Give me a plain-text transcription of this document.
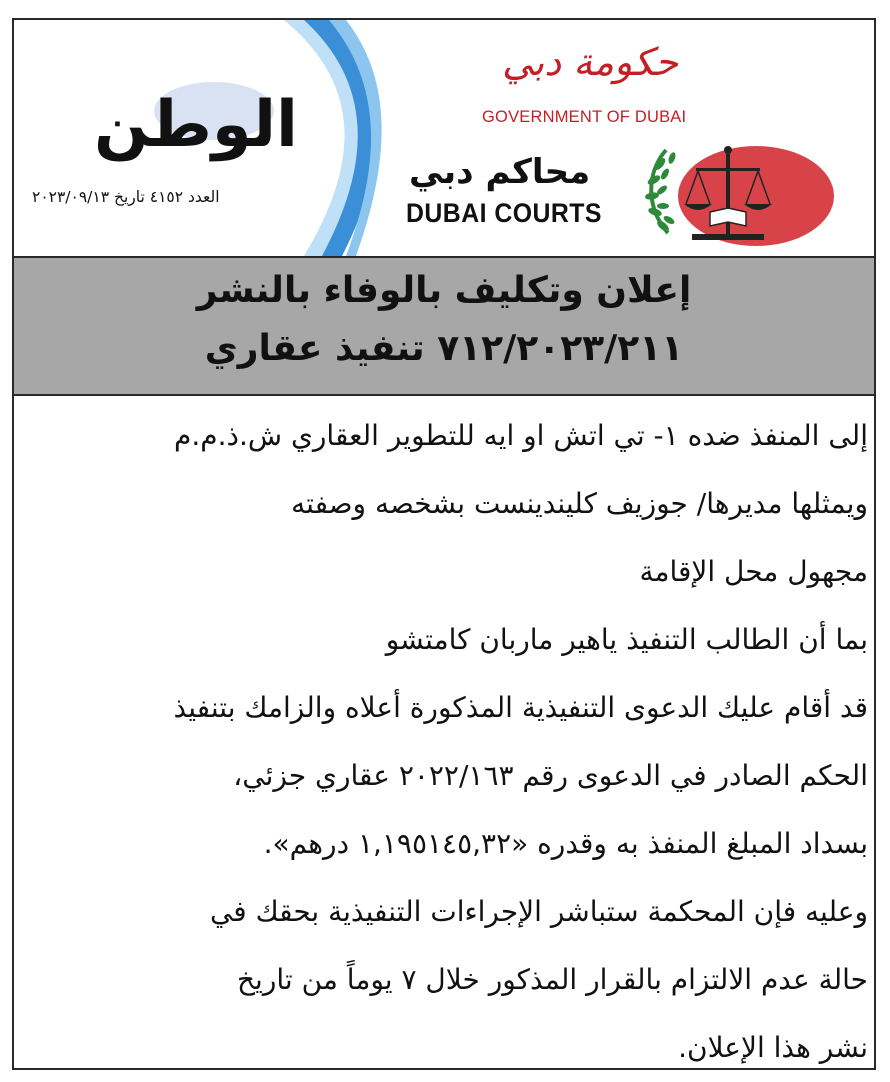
الوطن
العدد ٤١٥٢ تاريخ ٢٠٢٣/٠٩/١٣
حكومة دبي
GOVERNMENT OF DUBAI
محاكم دبي
DUBAI COURTS
إعلان وتكليف بالوفاء بالنشر
٧١٢/٢٠٢٣/٢١١ تنفيذ عقاري
إلى المنفذ ضده ١- تي اتش او ايه للتطوير العقاري ش.ذ.م.م
ويمثلها مديرها/ جوزيف كليندينست بشخصه وصفته
مجهول محل الإقامة
بما أن الطالب التنفيذ ياهير ماربان كامتشو
قد أقام عليك الدعوى التنفيذية المذكورة أعلاه والزامك بتنفيذ
الحكم الصادر في الدعوى رقم ٢٠٢٢/١٦٣ عقاري جزئي،
بسداد المبلغ المنفذ به وقدره «١,١٩٥١٤٥,٣٢ درهم».
وعليه فإن المحكمة ستباشر الإجراءات التنفيذية بحقك في
حالة عدم الالتزام بالقرار المذكور خلال ٧ يوماً من تاريخ
نشر هذا الإعلان.
